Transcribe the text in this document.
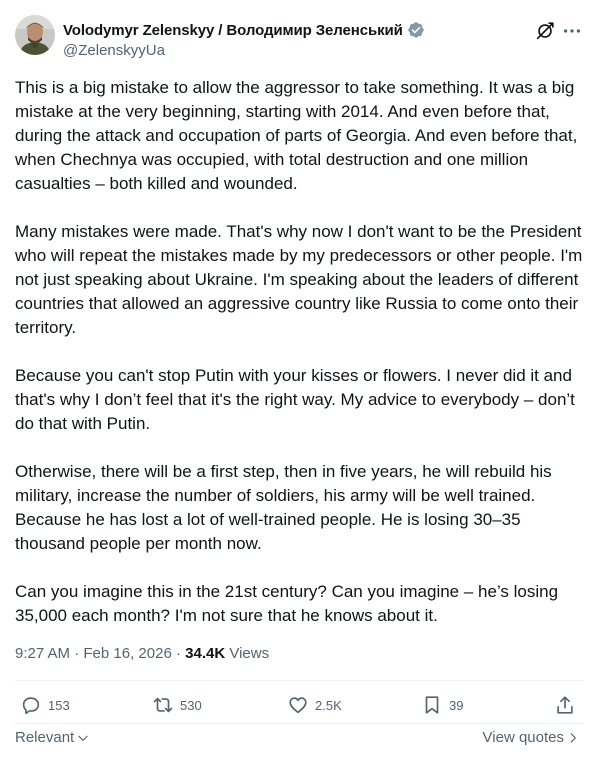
Volodymyr Zelenskyy / Володимир Зеленський
@ZelenskyyUa

This is a big mistake to allow the aggressor to take something. It was a big mistake at the very beginning, starting with 2014. And even before that, during the attack and occupation of parts of Georgia. And even before that, when Chechnya was occupied, with total destruction and one million casualties – both killed and wounded.

Many mistakes were made. That's why now I don't want to be the President who will repeat the mistakes made by my predecessors or other people. I'm not just speaking about Ukraine. I'm speaking about the leaders of different countries that allowed an aggressive country like Russia to come onto their territory.

Because you can't stop Putin with your kisses or flowers. I never did it and that's why I don’t feel that it's the right way. My advice to everybody – don’t do that with Putin.

Otherwise, there will be a first step, then in five years, he will rebuild his military, increase the number of soldiers, his army will be well trained. Because he has lost a lot of well-trained people. He is losing 30–35 thousand people per month now.

Can you imagine this in the 21st century? Can you imagine – he’s losing 35,000 each month? I'm not sure that he knows about it.

9:27 AM · Feb 16, 2026 · 34.4K Views
153	530	2.5K	39
Relevant	View quotes
